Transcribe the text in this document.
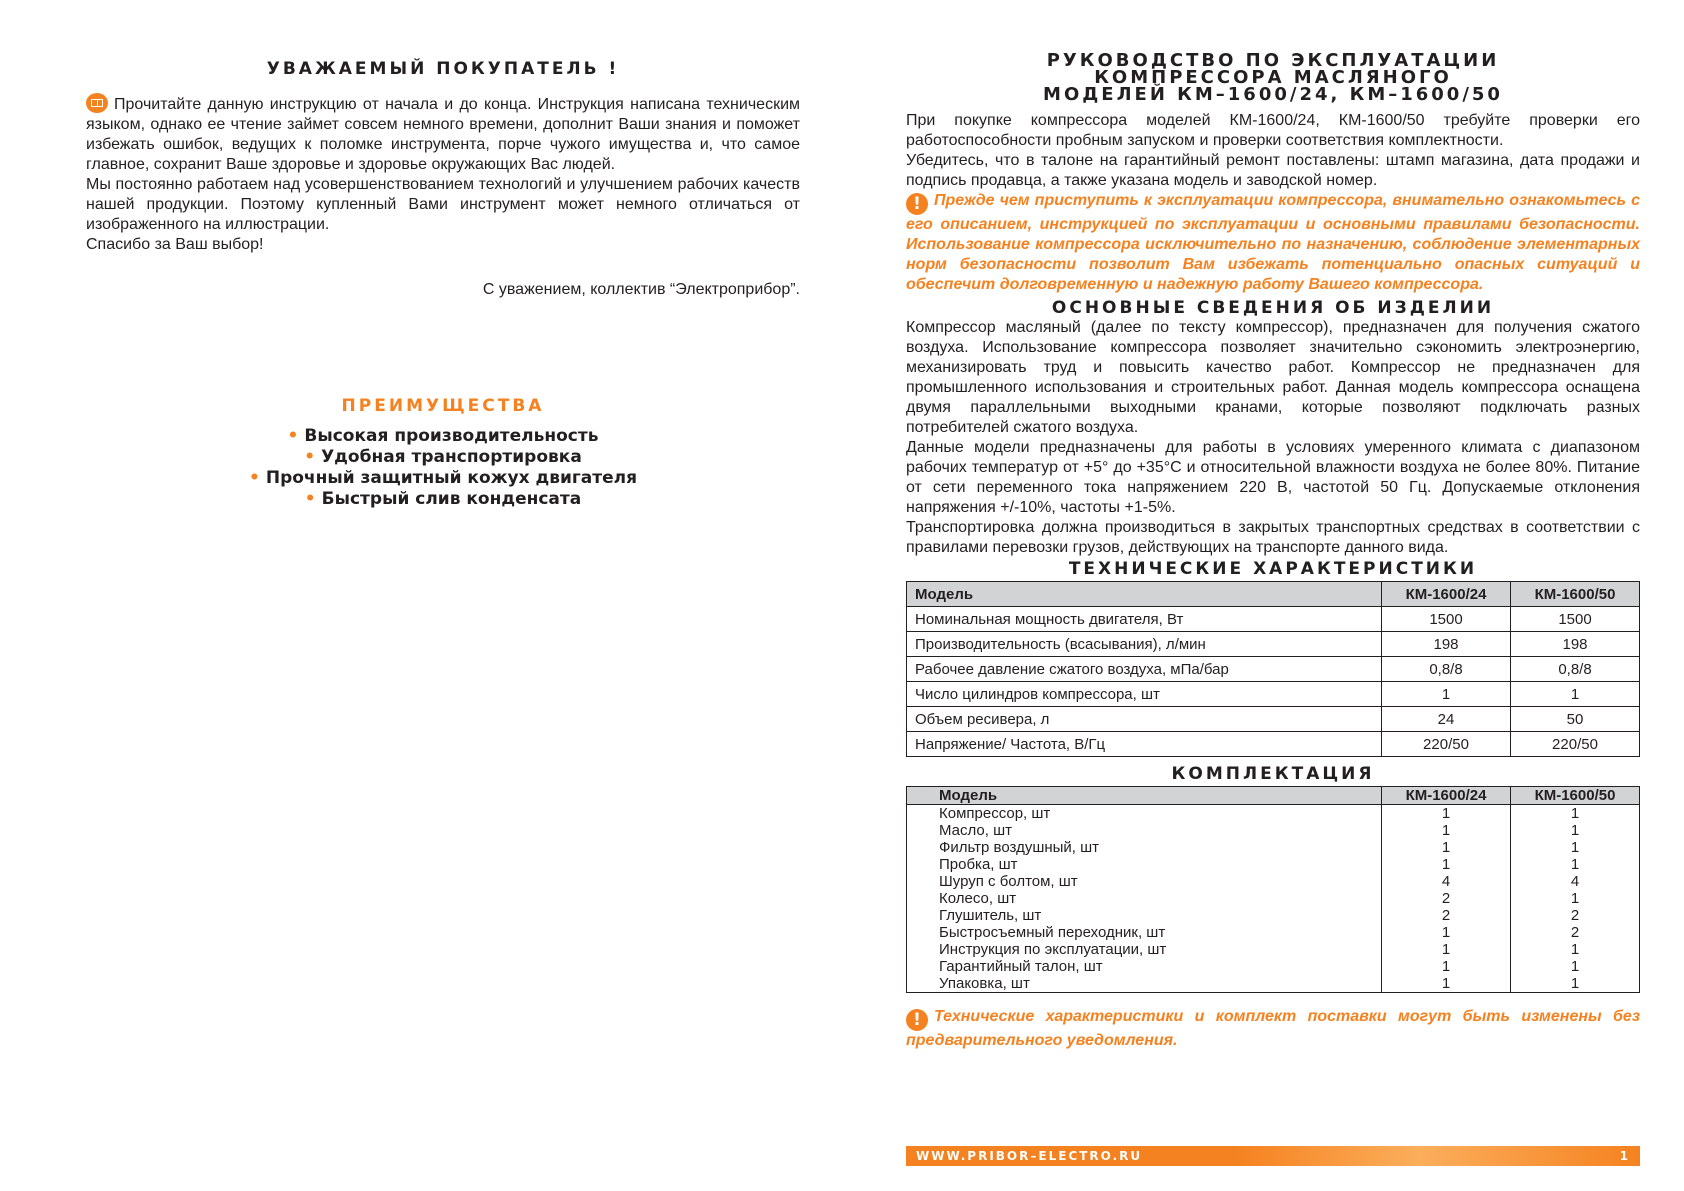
УВАЖАЕМЫЙ ПОКУПАТЕЛЬ !

Прочитайте данную инструкцию от начала и до конца. Инструкция написана техническим языком, однако ее чтение займет совсем немного времени, дополнит Ваши знания и поможет избежать ошибок, ведущих к поломке инструмента, порче чужого имущества и, что самое главное, сохранит Ваше здоровье и здоровье окружающих Вас людей.

Мы постоянно работаем над усовершенствованием технологий и улучшением рабочих качеств нашей продукции. Поэтому купленный Вами инструмент может немного отличаться от изображенного на иллюстрации.

Спасибо за Ваш выбор!

С уважением, коллектив “Электроприбор”.
ПРЕИМУЩЕСТВА
• Высокая производительность
• Удобная транспортировка
• Прочный защитный кожух двигателя
• Быстрый слив конденсата
РУКОВОДСТВО ПО ЭКСПЛУАТАЦИИ
КОМПРЕССОРА МАСЛЯНОГО
МОДЕЛЕЙ КМ–1600/24, КМ–1600/50

При покупке компрессора моделей КМ-1600/24, КМ-1600/50 требуйте проверки его работоспособности пробным запуском и проверки соответствия комплектности.

Убедитесь, что в талоне на гарантийный ремонт поставлены: штамп магазина, дата продажи и подпись продавца, а также указана модель и заводской номер.

! Прежде чем приступить к эксплуатации компрессора, внимательно ознакомьтесь с его описанием, инструкцией по эксплуатации и основными правилами безопасности. Использование компрессора исключительно по назначению, соблюдение элементарных норм безопасности позволит Вам избежать потенциально опасных ситуаций и обеспечит долговременную и надежную работу Вашего компрессора.

ОСНОВНЫЕ СВЕДЕНИЯ ОБ ИЗДЕЛИИ

Компрессор масляный (далее по тексту компрессор), предназначен для получения сжатого воздуха. Использование компрессора позволяет значительно сэкономить электроэнергию, механизировать труд и повысить качество работ. Компрессор не предназначен для промышленного использования и строительных работ. Данная модель компрессора оснащена двумя параллельными выходными кранами, которые позволяют подключать разных потребителей сжатого воздуха.

Данные модели предназначены для работы в условиях умеренного климата с диапазоном рабочих температур от +5° до +35°С и относительной влажности воздуха не более 80%. Питание от сети переменного тока напряжением 220 В, частотой 50 Гц. Допускаемые отклонения напряжения +/-10%, частоты +1-5%.

Транспортировка должна производиться в закрытых транспортных средствах в соответствии с правилами перевозки грузов, действующих на транспорте данного вида.

ТЕХНИЧЕСКИЕ ХАРАКТЕРИСТИКИ
Модель	КМ-1600/24	КМ-1600/50
Номинальная мощность двигателя, Вт	1500	1500
Производительность (всасывания), л/мин	198	198
Рабочее давление сжатого воздуха, мПа/бар	0,8/8	0,8/8
Число цилиндров компрессора, шт	1	1
Объем ресивера, л	24	50
Напряжение/ Частота, В/Гц	220/50	220/50
КОМПЛЕКТАЦИЯ
Модель	КМ-1600/24	КМ-1600/50
Компрессор, шт	1	1
Масло, шт	1	1
Фильтр воздушный, шт	1	1
Пробка, шт	1	1
Шуруп с болтом, шт	4	4
Колесо, шт	2	1
Глушитель, шт	2	2
Быстросъемный переходник, шт	1	2
Инструкция по эксплуатации, шт	1	1
Гарантийный талон, шт	1	1
Упаковка, шт	1	1

! Технические характеристики и комплект поставки могут быть изменены без предварительного уведомления.

WWW.PRIBOR–ELECTRO.RU	1
